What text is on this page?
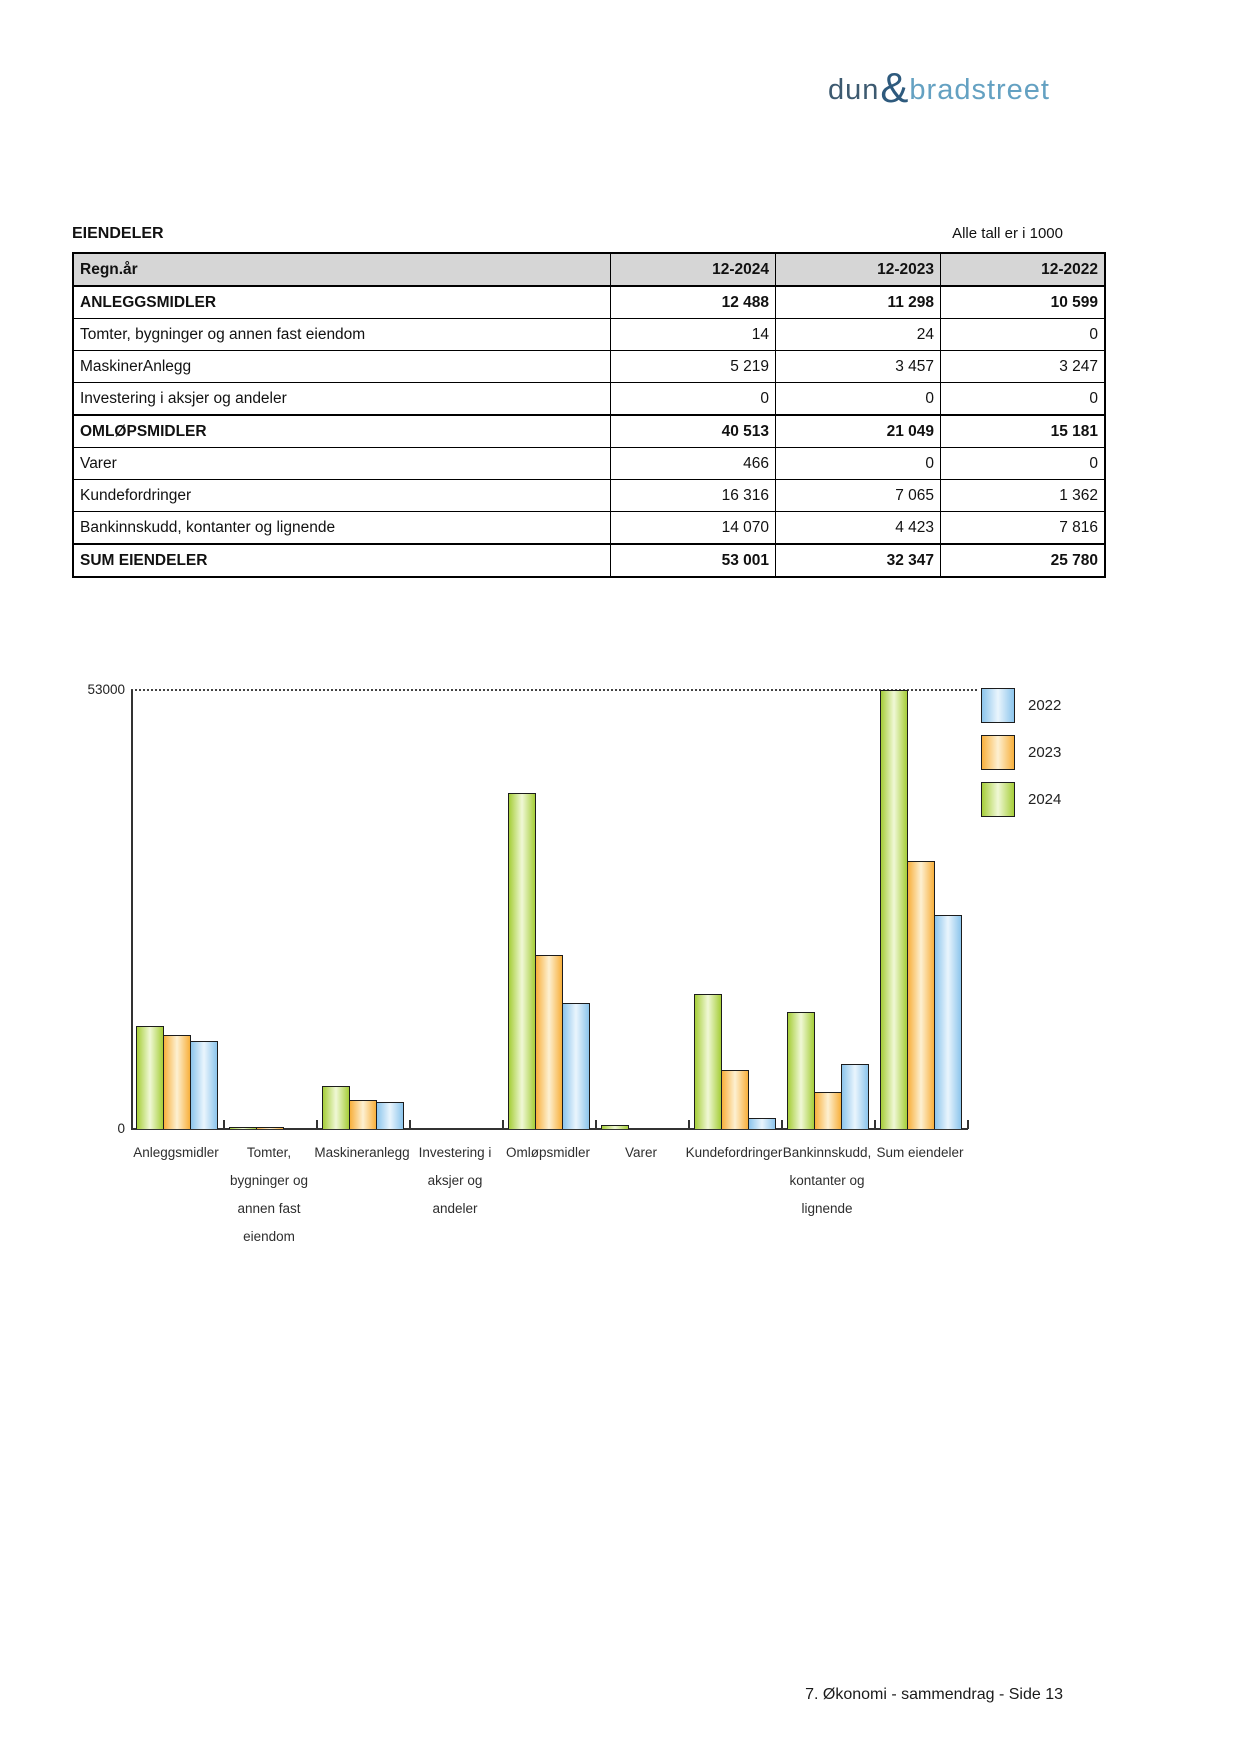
dun & bradstreet
EIENDELER	Alle tall er i 1000
Regn.år	12-2024	12-2023	12-2022
ANLEGGSMIDLER	12 488	11 298	10 599
Tomter, bygninger og annen fast eiendom	14	24	0
MaskinerAnlegg	5 219	3 457	3 247
Investering i aksjer og andeler	0	0	0
OMLØPSMIDLER	40 513	21 049	15 181
Varer	466	0	0
Kundefordringer	16 316	7 065	1 362
Bankinnskudd, kontanter og lignende	14 070	4 423	7 816
SUM EIENDELER	53 001	32 347	25 780
53000
0
Anleggsmidler	Tomter,
bygninger og
annen fast
eiendom
Maskineranlegg Investering i
aksjer og
andeler
Omløpsmidler	Varer	Kundefordringer Bankinnskudd,
kontanter og
lignende
Sum eiendeler
2022
2023
2024
7. Økonomi - sammendrag - Side 13
